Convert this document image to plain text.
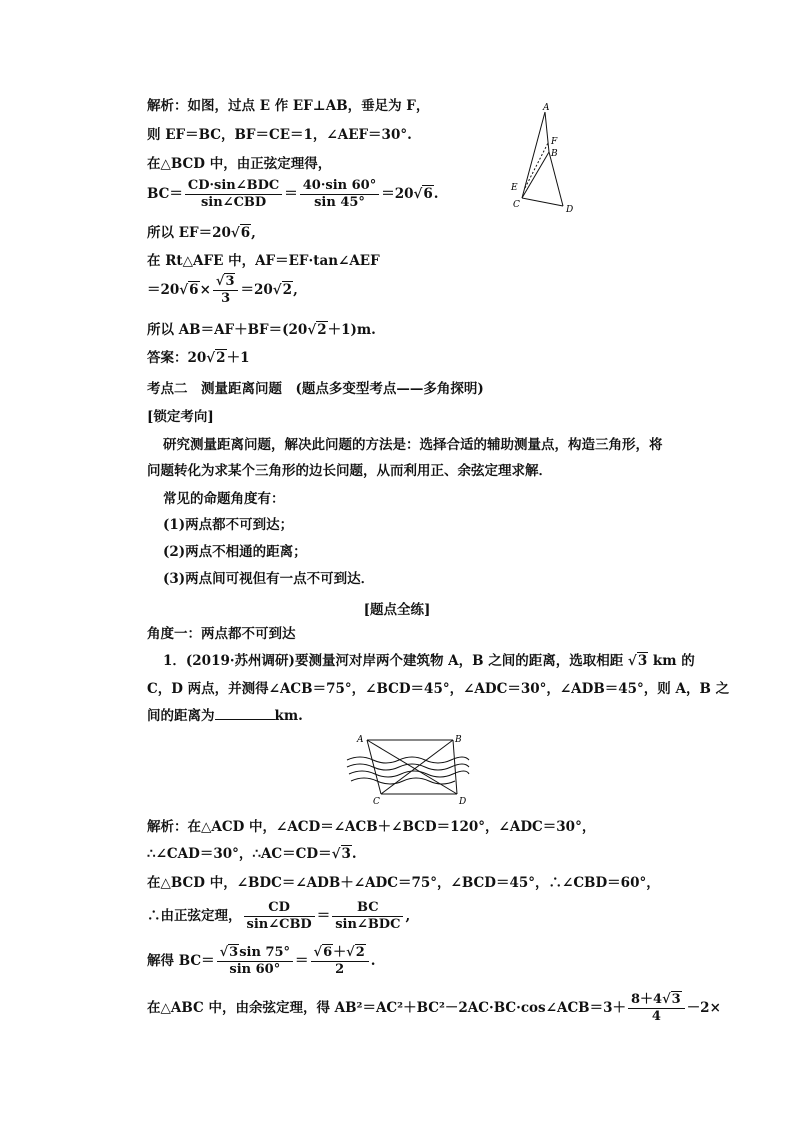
解析：如图，过点 E 作 EF⊥AB，垂足为 F，
则 EF＝BC，BF＝CE＝1，∠AEF＝30°.
在△BCD 中，由正弦定理得，
$BC= \frac{\text{CD·sin∠BDC}}{\text{sin∠CBD}} = \frac{40\cdot\sin 60^\circ}{\sin 45^\circ} =20√6$.
所以 EF＝20√6,
在 Rt△AFE 中，AF＝EF·tan∠AEF
$=20√6\times \frac{√3}{3} =20√2$,
所以 AB＝AF＋BF＝(20√2＋1)m.
答案：20√2＋1
A
F
B
E
C	D
考点二　测量距离问题　(题点多变型考点——多角探明)
[锁定考向]
研究测量距离问题，解决此问题的方法是：选择合适的辅助测量点，构造三角形，将
问题转化为求某个三角形的边长问题，从而利用正、余弦定理求解．
常见的命题角度有：
(1)两点都不可到达；
(2)两点不相通的距离；
(3)两点间可视但有一点不可到达．
[题点全练]
角度一：两点都不可到达
1．(2019·苏州调研)要测量河对岸两个建筑物 A，B 之间的距离，选取相距 √3 km 的
C，D 两点，并测得∠ACB＝75°，∠BCD＝45°，∠ADC＝30°，∠ADB＝45°，则 A，B 之
间的距离为	km.
A	B
C	D
解析：在△ACD 中，∠ACD＝∠ACB＋∠BCD＝120°，∠ADC＝30°，
∴∠CAD＝30°，∴AC＝CD＝√3.
在△BCD 中，∠BDC＝∠ADB＋∠ADC＝75°，∠BCD＝45°，∴∠CBD＝60°，
∴由正弦定理， $\frac{CD}{\text{sin∠CBD}} = \frac{BC}{\text{sin∠BDC}}$ ,
解得 $BC= \frac{√3\sin 75^\circ}{\sin 60^\circ} = \frac{√6+√2}{2}$ .
在△ABC 中，由余弦定理，得 AB²＝AC²＋BC²－2AC·BC·cos∠ACB＝3＋ $\frac{8+4√3}{4} -2\times$
